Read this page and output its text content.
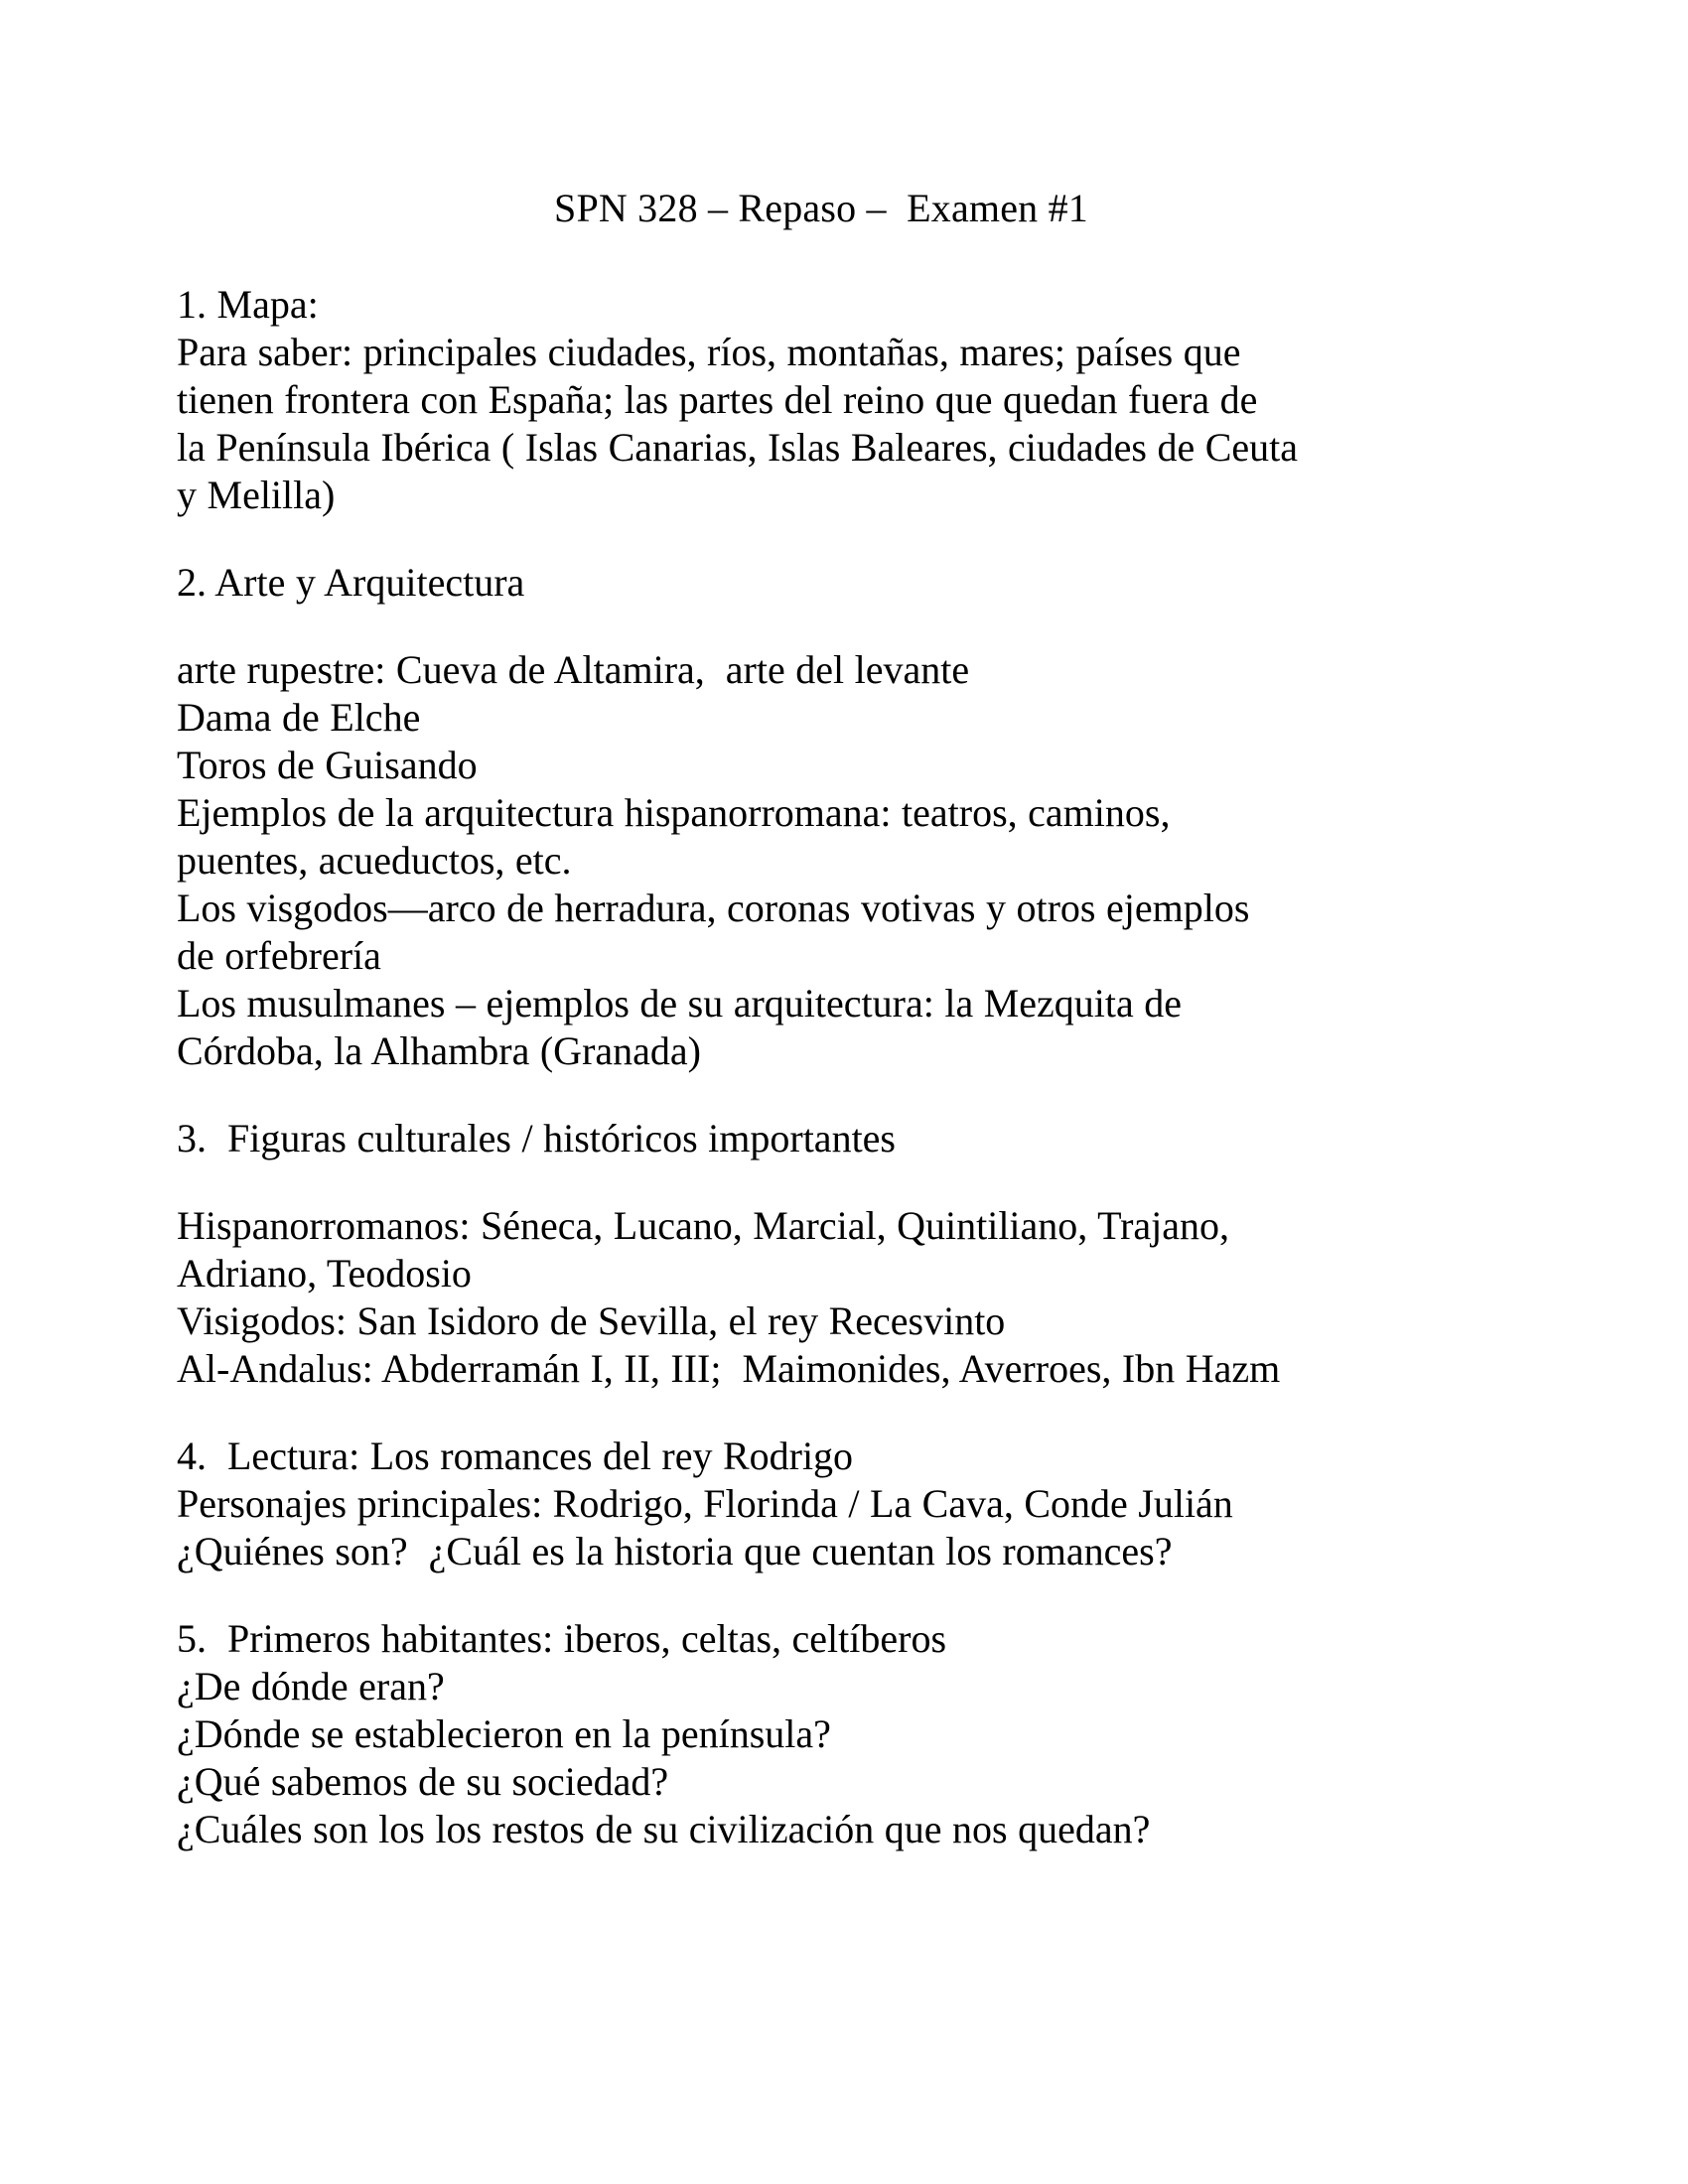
SPN 328 – Repaso –  Examen #1

1. Mapa:

Para saber: principales ciudades, ríos, montañas, mares; países que

tienen frontera con España; las partes del reino que quedan fuera de

la Península Ibérica ( Islas Canarias, Islas Baleares, ciudades de Ceuta

y Melilla)

2. Arte y Arquitectura

arte rupestre: Cueva de Altamira,  arte del levante

Dama de Elche

Toros de Guisando

Ejemplos de la arquitectura hispanorromana: teatros, caminos,

puentes, acueductos, etc.

Los visgodos—arco de herradura, coronas votivas y otros ejemplos

de orfebrería

Los musulmanes – ejemplos de su arquitectura: la Mezquita de

Córdoba, la Alhambra (Granada)

3.  Figuras culturales / históricos importantes

Hispanorromanos: Séneca, Lucano, Marcial, Quintiliano, Trajano,

Adriano, Teodosio

Visigodos: San Isidoro de Sevilla, el rey Recesvinto

Al-Andalus: Abderramán I, II, III;  Maimonides, Averroes, Ibn Hazm

4.  Lectura: Los romances del rey Rodrigo

Personajes principales: Rodrigo, Florinda / La Cava, Conde Julián

¿Quiénes son?  ¿Cuál es la historia que cuentan los romances?

5.  Primeros habitantes: iberos, celtas, celtíberos

¿De dónde eran?

¿Dónde se establecieron en la península?

¿Qué sabemos de su sociedad?

¿Cuáles son los los restos de su civilización que nos quedan?
